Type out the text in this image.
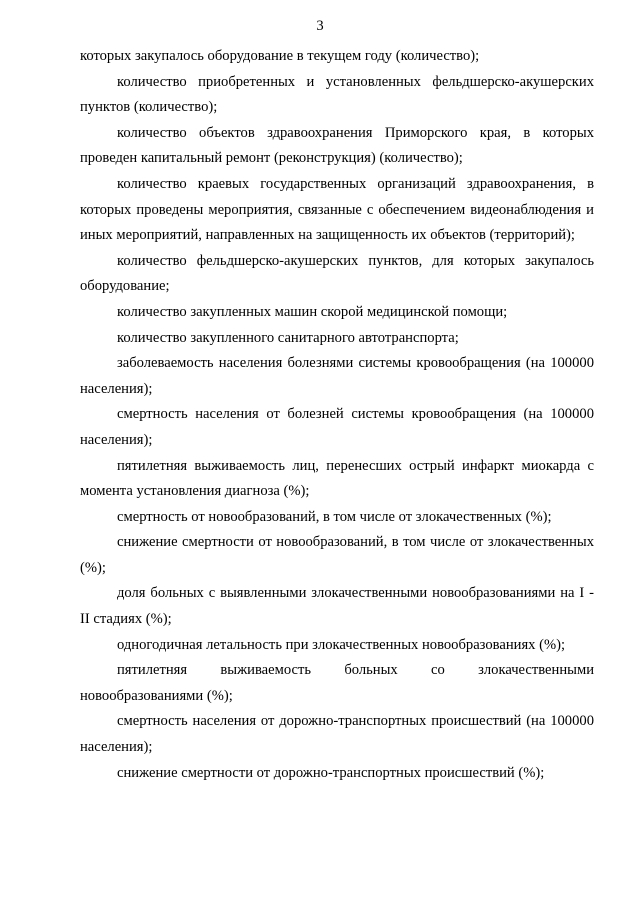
3

которых закупалось оборудование в текущем году (количество);

количество приобретенных и установленных фельдшерско-акушерских пунктов (количество);

количество объектов здравоохранения Приморского края, в которых проведен капитальный ремонт (реконструкция) (количество);

количество краевых государственных организаций здравоохранения, в которых проведены мероприятия, связанные с обеспечением видеонаблюдения и иных мероприятий, направленных на защищенность их объектов (территорий);

количество фельдшерско-акушерских пунктов, для которых закупалось оборудование;

количество закупленных машин скорой медицинской помощи;

количество закупленного санитарного автотранспорта;

заболеваемость населения болезнями системы кровообращения (на 100000 населения);

смертность населения от болезней системы кровообращения (на 100000 населения);

пятилетняя выживаемость лиц, перенесших острый инфаркт миокарда с момента установления диагноза (%);

смертность от новообразований, в том числе от злокачественных (%);

снижение смертности от новообразований, в том числе от злокачественных (%);

доля больных с выявленными злокачественными новообразованиями на I - II стадиях (%);

одногодичная летальность при злокачественных новообразованиях (%);

пятилетняя выживаемость больных со злокачественными новообразованиями (%);

смертность населения от дорожно-транспортных происшествий (на 100000 населения);

снижение смертности от дорожно-транспортных происшествий (%);
